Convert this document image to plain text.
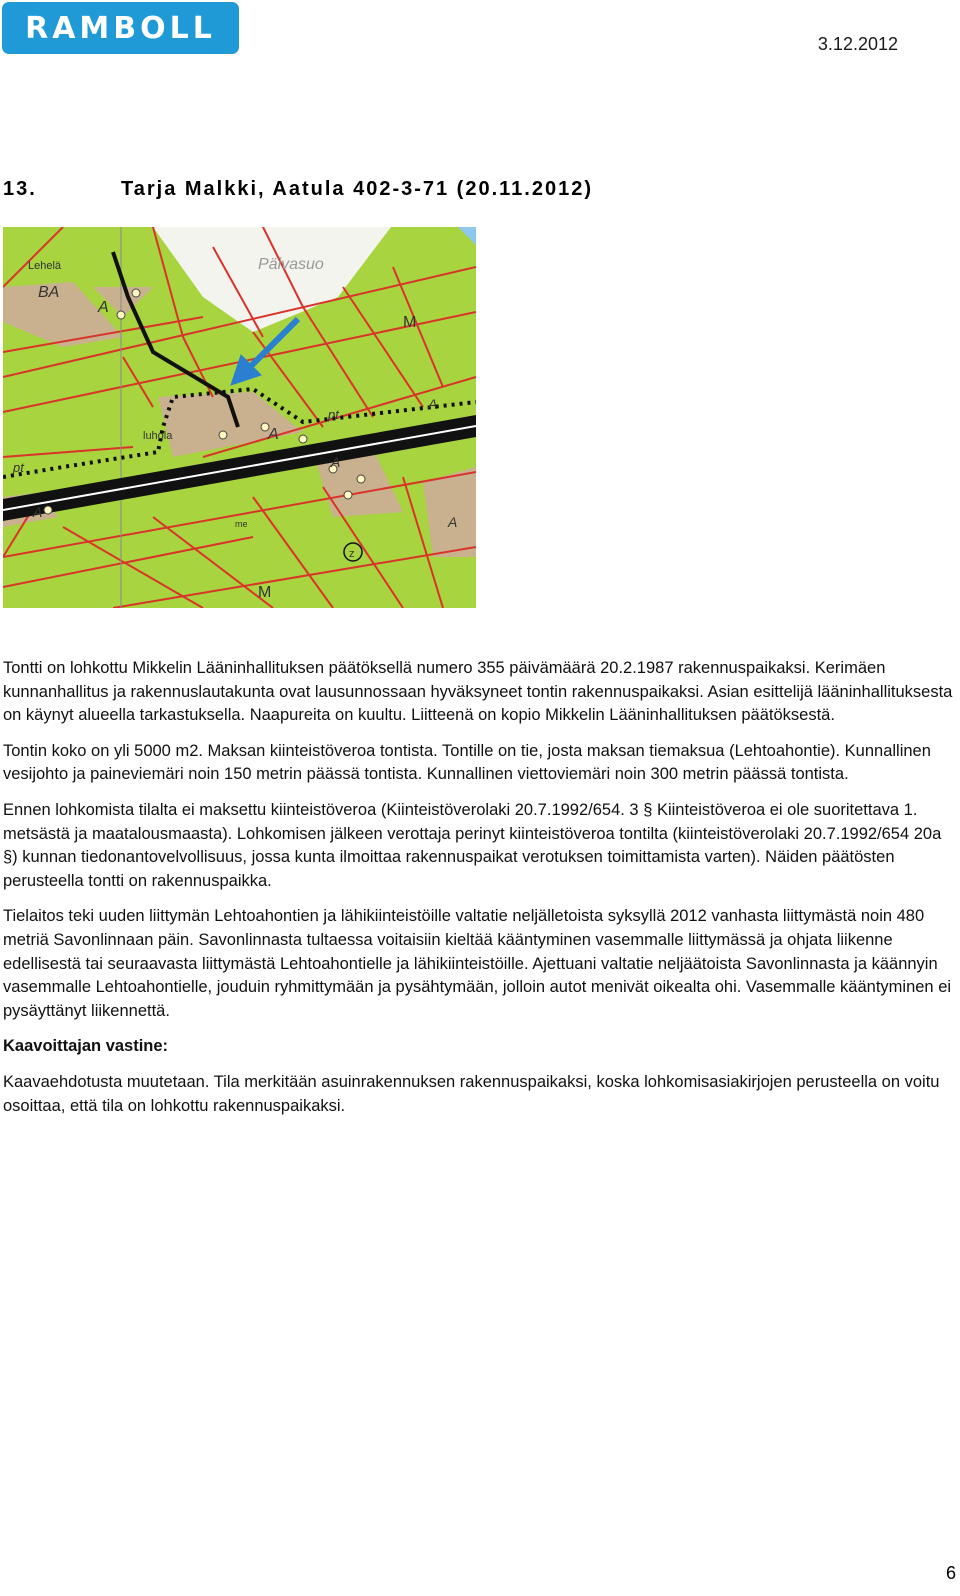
RAMBOLL	3.12.2012
13.	Tarja Malkki, Aatula 402-3-71 (20.11.2012)
Lehelä	Päivasuo
BA
A
M
luhola	A
pt
A
A
pt
A
me
z
M
A

Tontti on lohkottu Mikkelin Lääninhallituksen päätöksellä numero 355 päivämäärä 20.2.1987 rakennuspaikaksi. Kerimäen kunnanhallitus ja rakennuslautakunta ovat lausunnossaan hyväksyneet tontin rakennuspaikaksi. Asian esittelijä lääninhallituksesta on käynyt alueella tarkastuksella. Naapureita on kuultu. Liitteenä on kopio Mikkelin Lääninhallituksen päätöksestä.

Tontin koko on yli 5000 m2. Maksan kiinteistöveroa tontista. Tontille on tie, josta maksan tiemaksua (Lehtoahontie). Kunnallinen vesijohto ja paineviemäri noin 150 metrin päässä tontista. Kunnallinen viettoviemäri noin 300 metrin päässä tontista.

Ennen lohkomista tilalta ei maksettu kiinteistöveroa (Kiinteistöverolaki 20.7.1992/654. 3 § Kiinteistöveroa ei ole suoritettava 1. metsästä ja maatalousmaasta). Lohkomisen jälkeen verottaja perinyt kiinteistöveroa tontilta (kiinteistöverolaki 20.7.1992/654 20a §) kunnan tiedonantovelvollisuus, jossa kunta ilmoittaa rakennuspaikat verotuksen toimittamista varten). Näiden päätösten perusteella tontti on rakennuspaikka.

Tielaitos teki uuden liittymän Lehtoahontien ja lähikiinteistöille valtatie neljälletoista syksyllä 2012 vanhasta liittymästä noin 480 metriä Savonlinnaan päin. Savonlinnasta tultaessa voitaisiin kieltää kääntyminen vasemmalle liittymässä ja ohjata liikenne edellisestä tai seuraavasta liittymästä Lehtoahontielle ja lähikiinteistöille. Ajettuani valtatie neljäätoista Savonlinnasta ja käännyin vasemmalle Lehtoahontielle, jouduin ryhmittymään ja pysähtymään, jolloin autot menivät oikealta ohi. Vasemmalle kääntyminen ei pysäyttänyt liikennettä.

Kaavoittajan vastine:

Kaavaehdotusta muutetaan. Tila merkitään asuinrakennuksen rakennuspaikaksi, koska lohkomisasiakirjojen perusteella on voitu osoittaa, että tila on lohkottu rakennuspaikaksi.

6
